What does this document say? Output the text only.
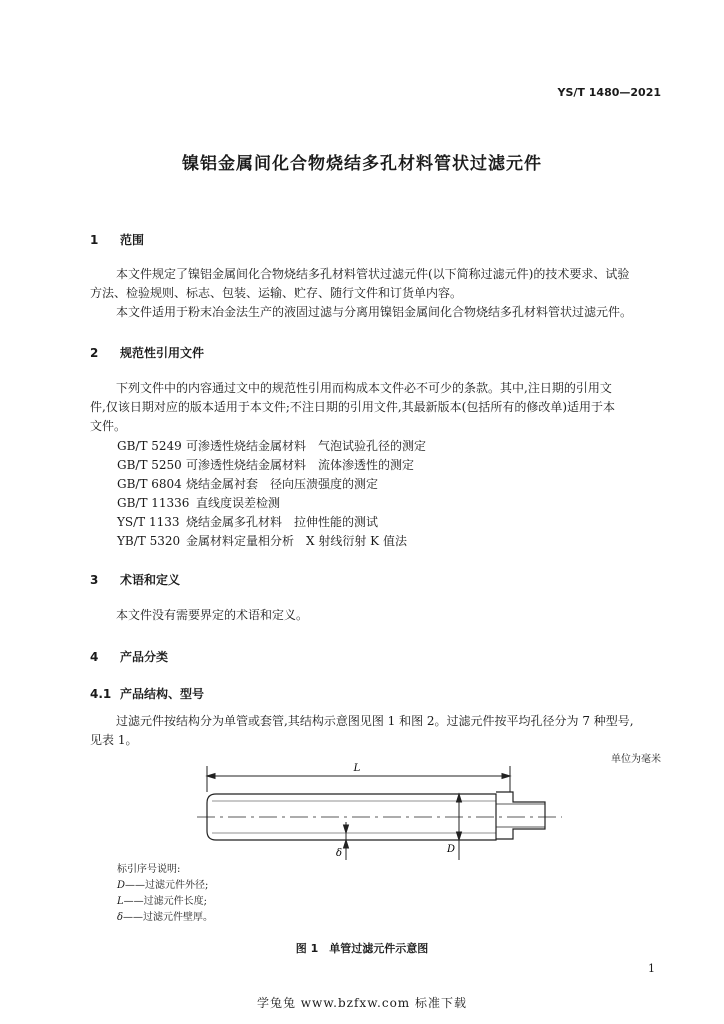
YS/T 1480—2021
镍铝金属间化合物烧结多孔材料管状过滤元件
1 范围
本文件规定了镍铝金属间化合物烧结多孔材料管状过滤元件(以下简称过滤元件)的技术要求、试验
方法、检验规则、标志、包装、运输、贮存、随行文件和订货单内容。
本文件适用于粉末冶金法生产的液固过滤与分离用镍铝金属间化合物烧结多孔材料管状过滤元件。
2 规范性引用文件
下列文件中的内容通过文中的规范性引用而构成本文件必不可少的条款。其中,注日期的引用文
件,仅该日期对应的版本适用于本文件;不注日期的引用文件,其最新版本(包括所有的修改单)适用于本
文件。
GB/T 5249 可渗透性烧结金属材料　气泡试验孔径的测定
GB/T 5250 可渗透性烧结金属材料　流体渗透性的测定
GB/T 6804 烧结金属衬套　径向压溃强度的测定
GB/T 11336 直线度误差检测
YS/T 1133 烧结金属多孔材料　拉伸性能的测试
YB/T 5320 金属材料定量相分析　X 射线衍射 K 值法
3 术语和定义
本文件没有需要界定的术语和定义。
4 产品分类
4.1 产品结构、型号
过滤元件按结构分为单管或套管,其结构示意图见图 1 和图 2。过滤元件按平均孔径分为 7 种型号,
见表 1。
单位为毫米
L
D
δ
标引序号说明:
D——过滤元件外径;
L——过滤元件长度;
δ——过滤元件壁厚。
图 1　单管过滤元件示意图
1
学兔兔 www.bzfxw.com 标准下载
